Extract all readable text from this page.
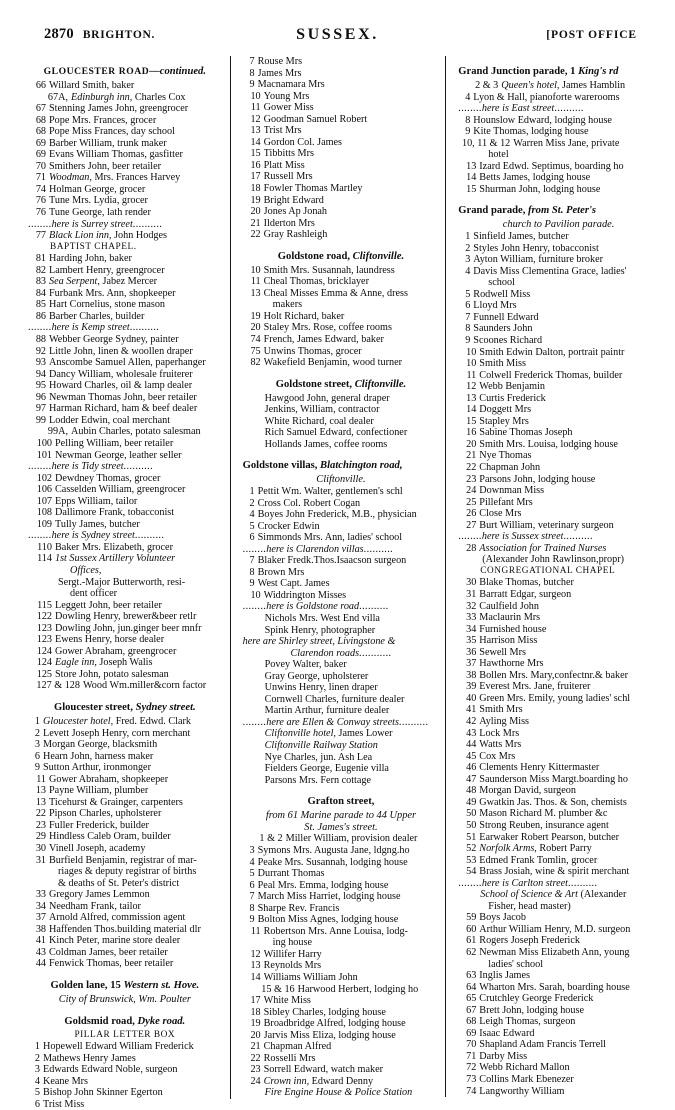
2870 BRIGHTON.	SUSSEX.	[POST OFFICE
GLOUCESTER ROAD—continued.
66 Willard Smith, baker
67A, Edinburgh inn, Charles Cox
67 Stenning James John, greengrocer
68 Pope Mrs. Frances, grocer
68 Pope Miss Frances, day school
69 Barber William, trunk maker
69 Evans William Thomas, gasfitter
70 Smithers John, beer retailer
71 Woodman, Mrs. Frances Harvey
74 Holman George, grocer
76 Tune Mrs. Lydia, grocer
76 Tune George, lath render
........here is Surrey street..........
77 Black Lion inn, John Hodges
BAPTIST CHAPEL.
81 Harding John, baker
82 Lambert Henry, greengrocer
83 Sea Serpent, Jabez Mercer
84 Furbank Mrs. Ann, shopkeeper
85 Hart Cornelius, stone mason
86 Barber Charles, builder
........here is Kemp street..........
88 Webber George Sydney, painter
92 Little John, linen & woollen draper
93 Anscombe Samuel Allen, paperhanger
94 Dancy William, wholesale fruiterer
95 Howard Charles, oil & lamp dealer
96 Newman Thomas John, beer retailer
97 Harman Richard, ham & beef dealer
99 Lodder Edwin, coal merchant
99A, Aubin Charles, potato salesman
100 Pelling William, beer retailer
101 Newman George, leather seller
........here is Tidy street..........
102 Dewdney Thomas, grocer
106 Casselden William, greengrocer
107 Epps William, tailor
108 Dallimore Frank, tobacconist
109 Tully James, butcher
........here is Sydney street..........
110 Baker Mrs. Elizabeth, grocer
114 1st Sussex Artillery Volunteer
Offices,
Sergt.-Major Butterworth, resi-
dent officer
115 Leggett John, beer retailer
122 Dowling Henry, brewer&beer retlr
123 Dowling John, jun.ginger beer mnfr
123 Ewens Henry, horse dealer
124 Gower Abraham, greengrocer
124 Eagle inn, Joseph Walis
125 Store John, potato salesman
127 & 128 Wood Wm.miller&corn factor
Gloucester street, Sydney street.
1 Gloucester hotel, Fred. Edwd. Clark
2 Levett Joseph Henry, corn merchant
3 Morgan George, blacksmith
6 Hearn John, harness maker
9 Sutton Arthur, ironmonger
11 Gower Abraham, shopkeeper
13 Payne William, plumber
13 Ticehurst & Grainger, carpenters
22 Pipson Charles, upholsterer
23 Fuller Frederick, builder
29 Hindless Caleb Oram, builder
30 Vinell Joseph, academy
31 Burfield Benjamin, registrar of mar-
riages & deputy registrar of births
& deaths of St. Peter's district
33 Gregory James Lemmon
34 Needham Frank, tailor
37 Arnold Alfred, commission agent
38 Haffenden Thos.building material dlr
41 Kinch Peter, marine store dealer
43 Coldman James, beer retailer
44 Fenwick Thomas, beer retailer
Golden lane, 15 Western st. Hove.
City of Brunswick, Wm. Poulter
Goldsmid road, Dyke road.
PILLAR LETTER BOX
1 Hopewell Edward William Frederick
2 Mathews Henry James
3 Edwards Edward Noble, surgeon
4 Keane Mrs
5 Bishop John Skinner Egerton
6 Trist Miss
7 Rouse Mrs
8 James Mrs
9 Macnamara Mrs
10 Young Mrs
11 Gower Miss
12 Goodman Samuel Robert
13 Trist Mrs
14 Gordon Col. James
15 Tibbitts Mrs
16 Platt Miss
17 Russell Mrs
18 Fowler Thomas Martley
19 Bright Edward
20 Jones Ap Jonah
21 Ilderton Mrs
22 Gray Rashleigh
Goldstone road, Cliftonville.
10 Smith Mrs. Susannah, laundress
11 Cheal Thomas, bricklayer
13 Cheal Misses Emma & Anne, dress
makers
19 Holt Richard, baker
20 Staley Mrs. Rose, coffee rooms
74 French, James Edward, baker
75 Unwins Thomas, grocer
82 Wakefield Benjamin, wood turner
Goldstone street, Cliftonville.
Hawgood John, general draper
Jenkins, William, contractor
White Richard, coal dealer
Rich Samuel Edward, confectioner
Hollands James, coffee rooms
Goldstone villas, Blatchington road,
Cliftonville.
1 Pettit Wm. Walter, gentlemen's schl
2 Cross Col. Robert Cogan
4 Boyes John Frederick, M.B., physician
5 Crocker Edwin
6 Simmonds Mrs. Ann, ladies' school
........here is Clarendon villas..........
7 Blaker Fredk.Thos.Isaacson surgeon
8 Brown Mrs
9 West Capt. James
10 Widdrington Misses
........here is Goldstone road..........
Nichols Mrs. West End villa
Spink Henry, photographer
here are Shirley street, Livingstone &
Clarendon roads...........
Povey Walter, baker
Gray George, upholsterer
Unwins Henry, linen draper
Cornwell Charles, furniture dealer
Martin Arthur, furniture dealer
........here are Ellen & Conway streets..........
Cliftonville hotel, James Lower
Cliftonville Railway Station
Nye Charles, jun. Ash Lea
Fielders George, Eugenie villa
Parsons Mrs. Fern cottage
Grafton street,
from 61 Marine parade to 44 Upper
St. James's street.
1 & 2 Miller William, provision dealer
3 Symons Mrs. Augusta Jane, ldgng.ho
4 Peake Mrs. Susannah, lodging house
5 Durrant Thomas
6 Peal Mrs. Emma, lodging house
7 March Miss Harriet, lodging house
8 Sharpe Rev. Francis
9 Bolton Miss Agnes, lodging house
11 Robertson Mrs. Anne Louisa, lodg-
ing house
12 Willifer Harry
13 Reynolds Mrs
14 Williams William John
15 & 16 Harwood Herbert, lodging ho
17 White Miss
18 Sibley Charles, lodging house
19 Broadbridge Alfred, lodging house
20 Jarvis Miss Eliza, lodging house
21 Chapman Alfred
22 Rosselli Mrs
23 Sorrell Edward, watch maker
24 Crown inn, Edward Denny
Fire Engine House & Police Station
Grand Junction parade, 1 King's rd
2 & 3 Queen's hotel, James Hamblin
4 Lyon & Hall, pianoforte warerooms
........here is East street..........
8 Hounslow Edward, lodging house
9 Kite Thomas, lodging house
10, 11 & 12 Warren Miss Jane, private
hotel
13 Izard Edwd. Septimus, boarding ho
14 Betts James, lodging house
15 Shurman John, lodging house
Grand parade, from St. Peter's
church to Pavilion parade.
1 Sinfield James, butcher
2 Styles John Henry, tobacconist
3 Ayton William, furniture broker
4 Davis Miss Clementina Grace, ladies'
school
5 Rodwell Miss
6 Lloyd Mrs
7 Funnell Edward
8 Saunders John
9 Scoones Richard
10 Smith Edwin Dalton, portrait paintr
10 Smith Miss
11 Colwell Frederick Thomas, builder
12 Webb Benjamin
13 Curtis Frederick
14 Doggett Mrs
15 Stapley Mrs
16 Sabine Thomas Joseph
20 Smith Mrs. Louisa, lodging house
21 Nye Thomas
22 Chapman John
23 Parsons John, lodging house
24 Downman Miss
25 Pillefant Mrs
26 Close Mrs
27 Burt William, veterinary surgeon
........here is Sussex street..........
28 Association for Trained Nurses
(Alexander John Rawlinson,propr)
CONGREGATIONAL CHAPEL
30 Blake Thomas, butcher
31 Barratt Edgar, surgeon
32 Caulfield John
33 Maclaurin Mrs
34 Furnished house
35 Harrison Miss
36 Sewell Mrs
37 Hawthorne Mrs
38 Bollen Mrs. Mary,confectnr.& baker
39 Everest Mrs. Jane, fruiterer
40 Green Mrs. Emily, young ladies' schl
41 Smith Mrs
42 Ayling Miss
43 Lock Mrs
44 Watts Mrs
45 Cox Mrs
46 Clements Henry Kittermaster
47 Saunderson Miss Margt.boarding ho
48 Morgan David, surgeon
49 Gwatkin Jas. Thos. & Son, chemists
50 Mason Richard M. plumber &c
50 Strong Reuben, insurance agent
51 Earwaker Robert Pearson, butcher
52 Norfolk Arms, Robert Parry
53 Edmed Frank Tomlin, grocer
54 Brass Josiah, wine & spirit merchant
........here is Carlton street..........
School of Science & Art (Alexander
Fisher, head master)
59 Boys Jacob
60 Arthur William Henry, M.D. surgeon
61 Rogers Joseph Frederick
62 Newman Miss Elizabeth Ann, young
ladies' school
63 Inglis James
64 Wharton Mrs. Sarah, boarding house
65 Crutchley George Frederick
67 Brett John, lodging house
68 Leigh Thomas, surgeon
69 Isaac Edward
70 Shapland Adam Francis Terrell
71 Darby Miss
72 Webb Richard Mallon
73 Collins Mark Ebenezer
74 Langworthy William
